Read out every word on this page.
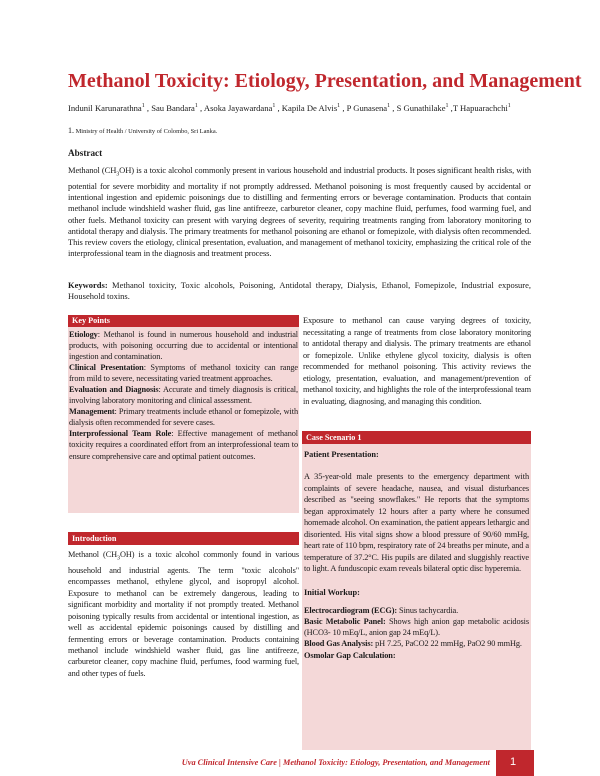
Methanol Toxicity: Etiology, Presentation, and Management
Indunil Karunarathna$^1$ , Sau Bandara$^1$ , Asoka Jayawardana$^1$ , Kapila De Alvis$^1$ , P Gunasena$^1$ , S Gunathilake$^1$ ,T Hapuarachchi$^1$
1. Ministry of Health / University of Colombo, Sri Lanka.
Abstract
Methanol $(CH_3OH)$ is a toxic alcohol commonly present in various household and industrial products. It poses significant health risks, with potential for severe morbidity and mortality if not promptly addressed. Methanol poisoning is most frequently caused by accidental or intentional ingestion and epidemic poisonings due to distilling and fermenting errors or beverage contamination. Products that contain methanol include windshield washer fluid, gas line antifreeze, carburetor cleaner, copy machine fluid, perfumes, food warming fuel, and other fuels. Methanol toxicity can present with varying degrees of severity, requiring treatments ranging from laboratory monitoring to antidotal therapy and dialysis. The primary treatments for methanol poisoning are ethanol or fomepizole, with dialysis often recommended. This review covers the etiology, clinical presentation, evaluation, and management of methanol toxicity, emphasizing the critical role of the interprofessional team in the diagnosis and treatment process.
Keywords: Methanol toxicity, Toxic alcohols, Poisoning, Antidotal therapy, Dialysis, Ethanol, Fomepizole, Industrial exposure, Household toxins.
Key Points

Etiology: Methanol is found in numerous household and industrial products, with poisoning occurring due to accidental or intentional ingestion and contamination.

Clinical Presentation: Symptoms of methanol toxicity can range from mild to severe, necessitating varied treatment approaches.

Evaluation and Diagnosis: Accurate and timely diagnosis is critical, involving laboratory monitoring and clinical assessment.

Management: Primary treatments include ethanol or fomepizole, with dialysis often recommended for severe cases.

Interprofessional Team Role: Effective management of methanol toxicity requires a coordinated effort from an interprofessional team to ensure comprehensive care and optimal patient outcomes.

Introduction
Methanol $(CH_3OH)$ is a toxic alcohol commonly found in various household and industrial agents. The term "toxic alcohols" encompasses methanol, ethylene glycol, and isopropyl alcohol. Exposure to methanol can be extremely dangerous, leading to significant morbidity and mortality if not promptly treated. Methanol poisoning typically results from accidental or intentional ingestion, as well as accidental epidemic poisonings caused by distilling and fermenting errors or beverage contamination. Products containing methanol include windshield washer fluid, gas line antifreeze, carburetor cleaner, copy machine fluid, perfumes, food warming fuel, and other types of fuels.
Exposure to methanol can cause varying degrees of toxicity, necessitating a range of treatments from close laboratory monitoring to antidotal therapy and dialysis. The primary treatments are ethanol or fomepizole. Unlike ethylene glycol toxicity, dialysis is often recommended for methanol poisoning. This activity reviews the etiology, presentation, evaluation, and management/prevention of methanol toxicity, and highlights the role of the interprofessional team in evaluating, diagnosing, and managing this condition.
Case Scenario 1
Patient Presentation:
A 35-year-old male presents to the emergency department with complaints of severe headache, nausea, and visual disturbances described as "seeing snowflakes." He reports that the symptoms began approximately 12 hours after a party where he consumed homemade alcohol. On examination, the patient appears lethargic and disoriented. His vital signs show a blood pressure of 90/60 mmHg, heart rate of 110 bpm, respiratory rate of 24 breaths per minute, and a temperature of 37.2°C. His pupils are dilated and sluggishly reactive to light. A funduscopic exam reveals bilateral optic disc hyperemia.
Initial Workup:

Electrocardiogram (ECG): Sinus tachycardia.

Basic Metabolic Panel: Shows high anion gap metabolic acidosis (HCO3- 10 mEq/L, anion gap 24 mEq/L).

Blood Gas Analysis: pH 7.25, PaCO2 22 mmHg, PaO2 90 mmHg.

Osmolar Gap Calculation:

Uva Clinical Intensive Care | Methanol Toxicity: Etiology, Presentation, and Management	1
